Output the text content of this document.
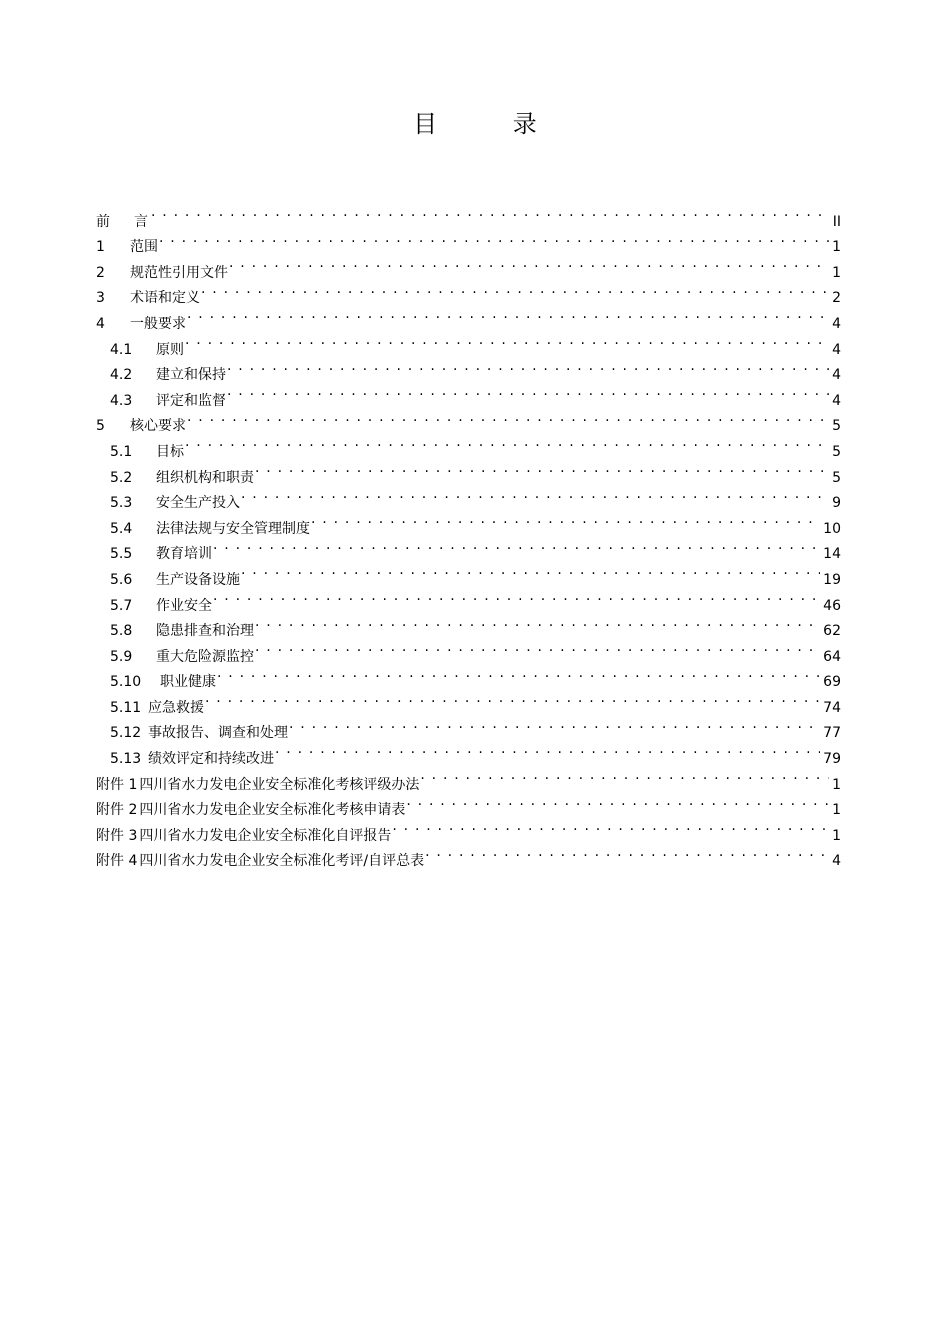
目 录
前言 . . .	II
1	范围 . . .	1
2	规范性引用文件 . . .	1
3	术语和定义 . . .	2
4	一般要求 . . .	4
4.1	原则 . . .	4
4.2	建立和保持 . . .	4
4.3	评定和监督 . . .	4
5	核心要求 . . .	5
5.1	目标 . . .	5
5.2	组织机构和职责 . . .	5
5.3	安全生产投入 . . .	9
5.4	法律法规与安全管理制度 . . .	10
5.5	教育培训 . . .	14
5.6	生产设备设施 . . .	19
5.7	作业安全 . . .	46
5.8	隐患排查和治理 . . .	62
5.9	重大危险源监控 . . .	64
5.10	职业健康 . . .	69
5.11 应急救援 . . .	74
5.12 事故报告、调查和处理 . . .	77
5.13 绩效评定和持续改进 . . .	79
附件 1 四川省水力发电企业安全标准化考核评级办法 . . .	1
附件 2 四川省水力发电企业安全标准化考核申请表 . . .	1
附件 3 四川省水力发电企业安全标准化自评报告 . . .	1
附件 4 四川省水力发电企业安全标准化考评/自评总表 . . .	4
